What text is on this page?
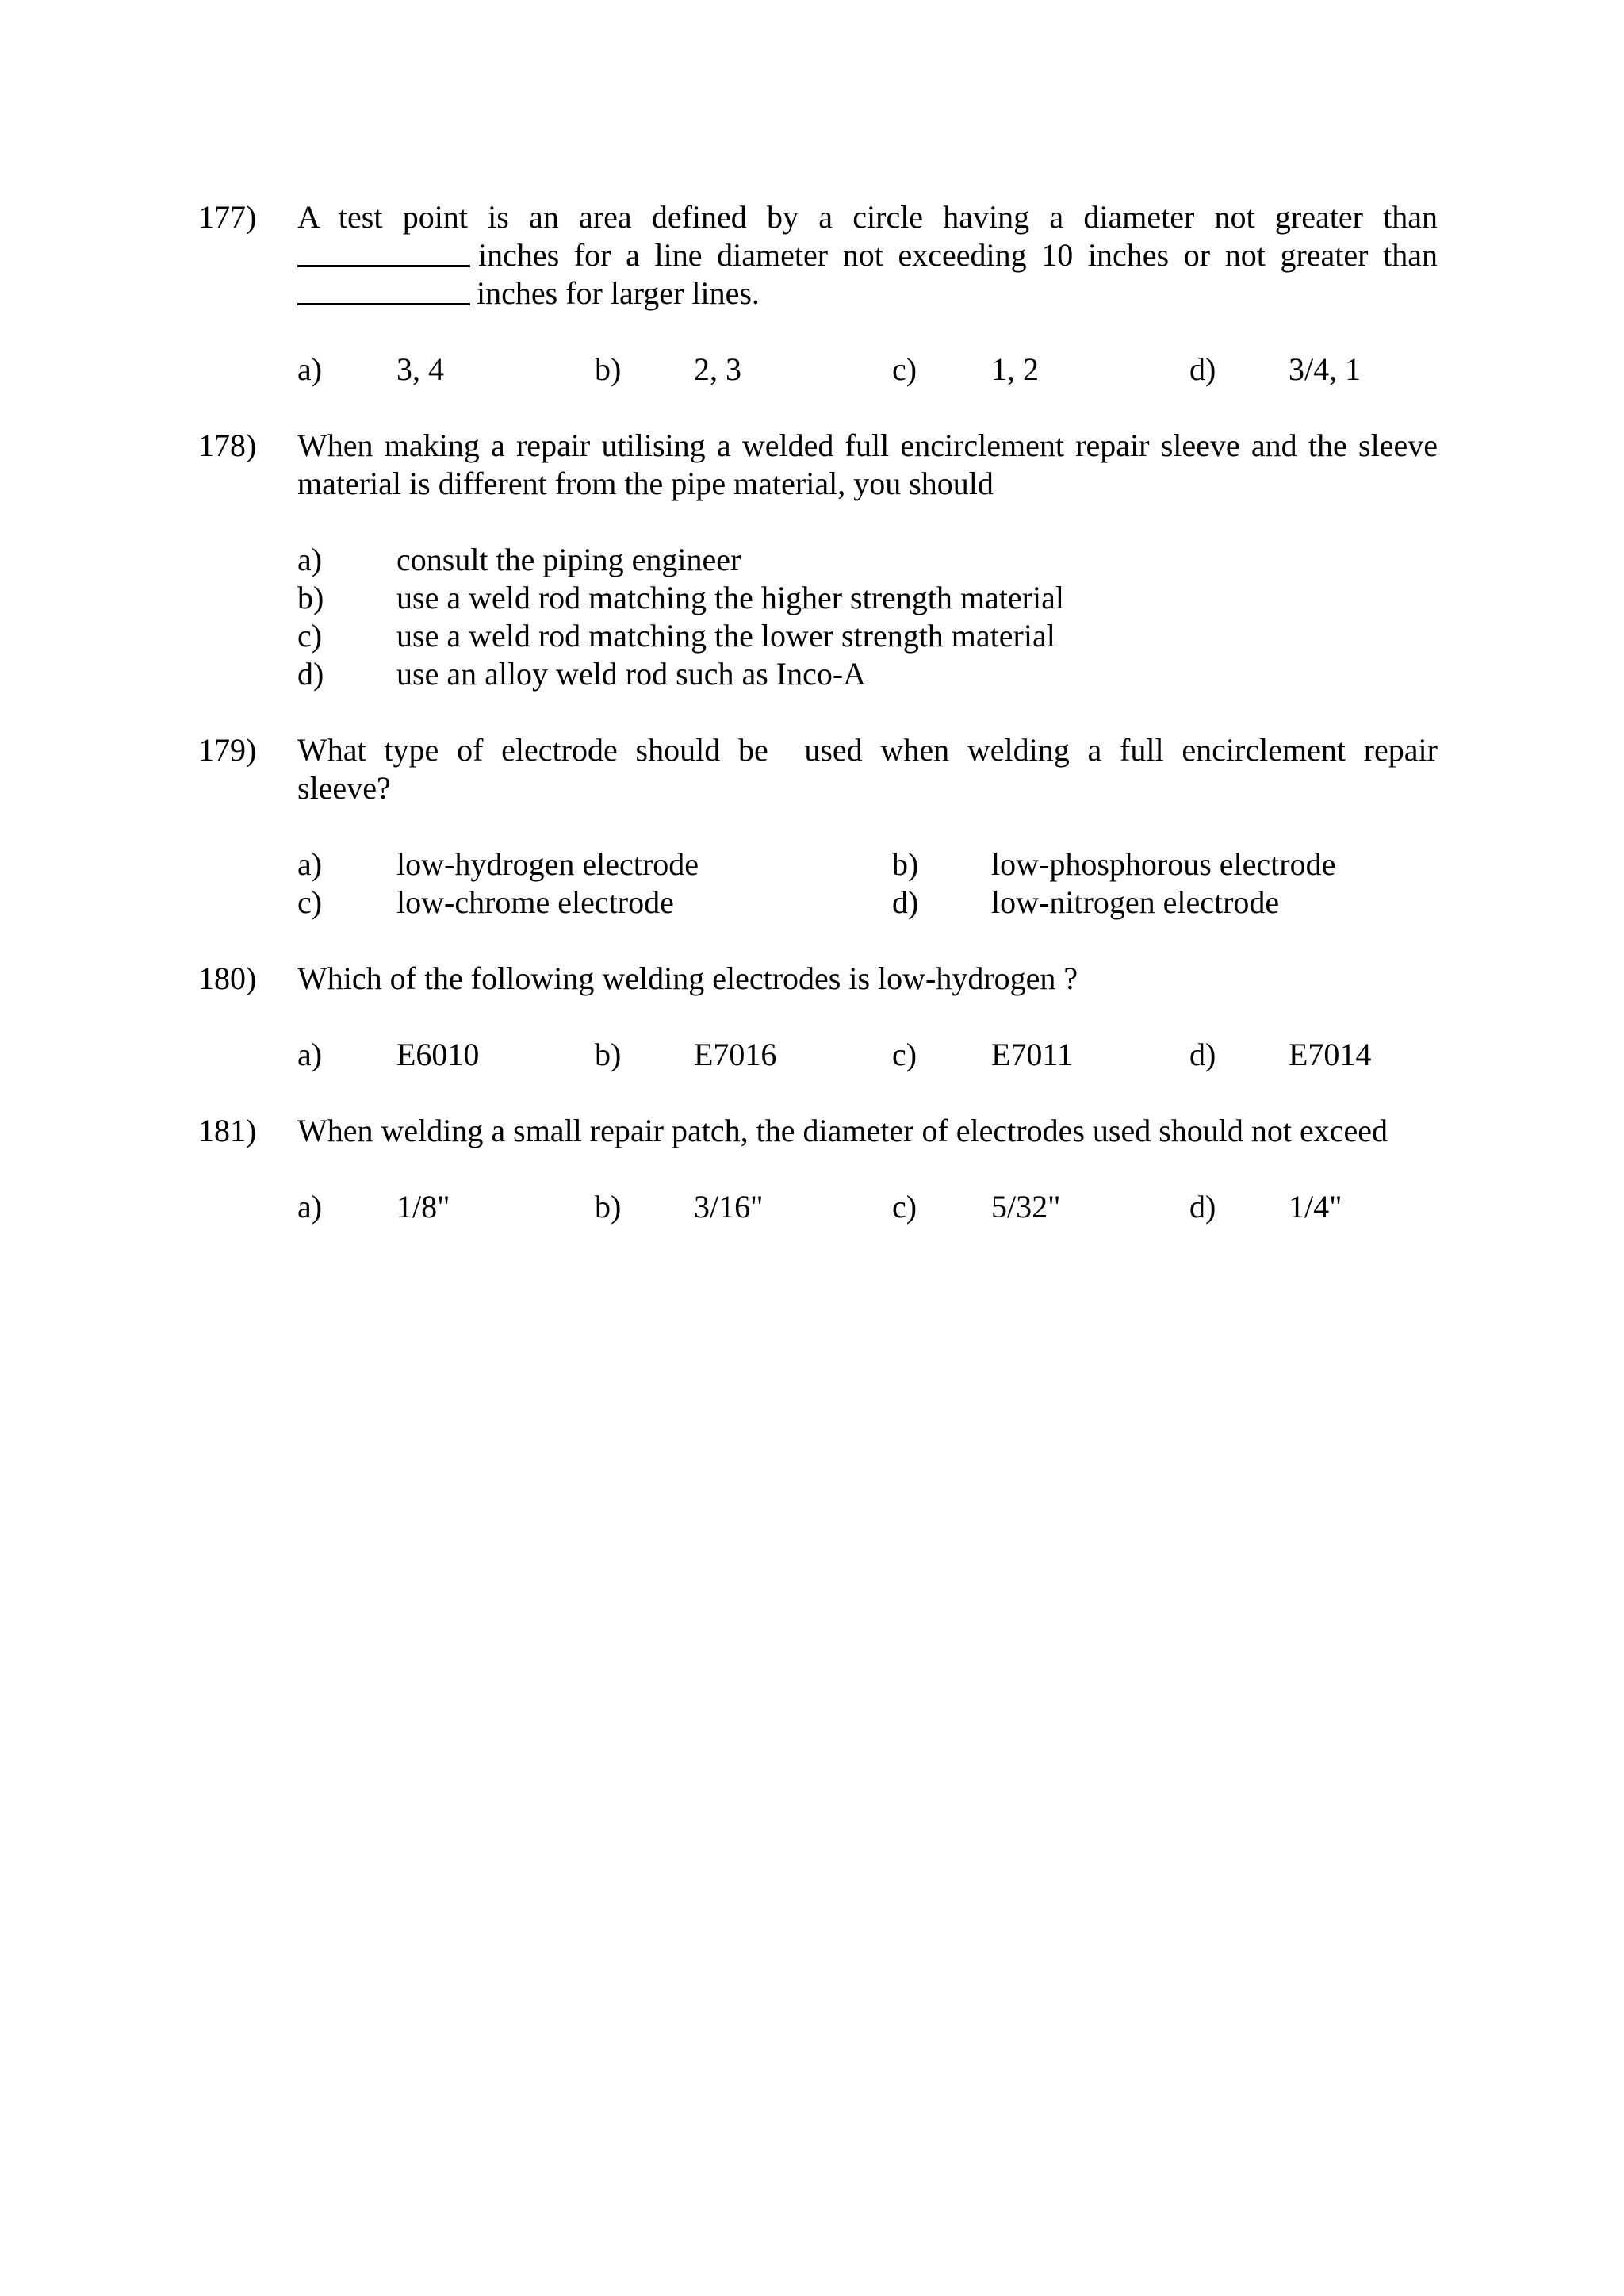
177) A test point is an area defined by a circle having a diameter not greater than
inches for a line diameter not exceeding 10 inches or not greater than
inches for larger lines.
a) 3, 4	b) 2, 3	c) 1, 2	d) 3/4, 1
178) When making a repair utilising a welded full encirclement repair sleeve and the sleeve
material is different from the pipe material, you should
a) consult the piping engineer
b) use a weld rod matching the higher strength material
c) use a weld rod matching the lower strength material
d) use an alloy weld rod such as Inco-A
179) What type of electrode should be  used when welding a full encirclement repair
sleeve?
a) low-hydrogen electrode	b) low-phosphorous electrode
c) low-chrome electrode	d) low-nitrogen electrode
180) Which of the following welding electrodes is low-hydrogen ?
a) E6010	b) E7016	c) E7011	d) E7014
181) When welding a small repair patch, the diameter of electrodes used should not exceed
a) 1/8"	b) 3/16"	c) 5/32"	d) 1/4"
